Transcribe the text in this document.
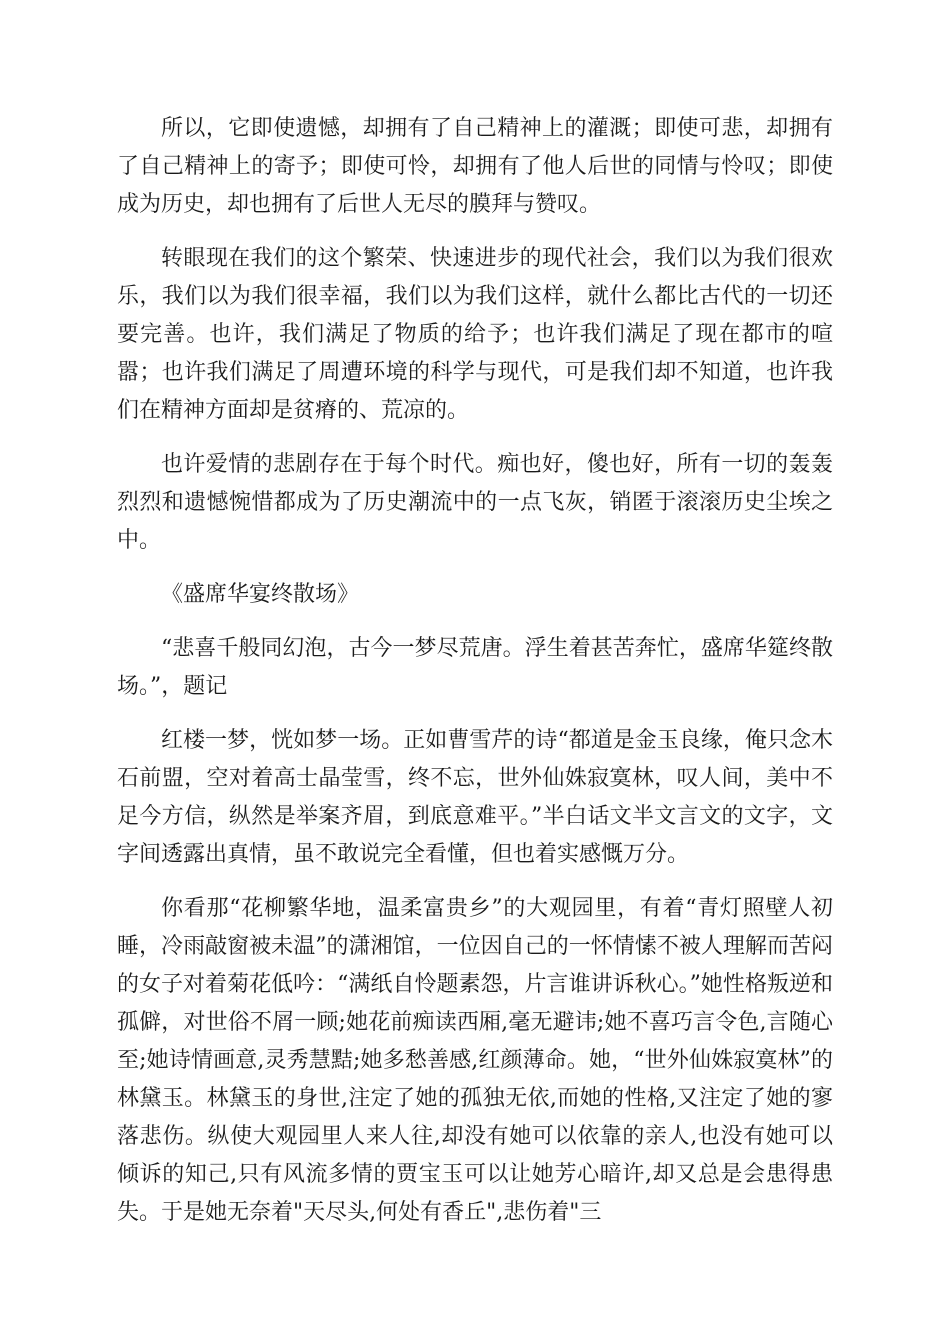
所以，它即使遗憾，却拥有了自己精神上的灌溉；即使可悲，却拥有了自己精神上的寄予；即使可怜，却拥有了他人后世的同情与怜叹；即使成为历史，却也拥有了后世人无尽的膜拜与赞叹。

转眼现在我们的这个繁荣、快速进步的现代社会，我们以为我们很欢乐，我们以为我们很幸福，我们以为我们这样，就什么都比古代的一切还要完善。也许，我们满足了物质的给予；也许我们满足了现在都市的喧嚣；也许我们满足了周遭环境的科学与现代，可是我们却不知道，也许我们在精神方面却是贫瘠的、荒凉的。

也许爱情的悲剧存在于每个时代。痴也好，傻也好，所有一切的轰轰烈烈和遗憾惋惜都成为了历史潮流中的一点飞灰，销匿于滚滚历史尘埃之中。

《盛席华宴终散场》

“悲喜千般同幻泡，古今一梦尽荒唐。浮生着甚苦奔忙，盛席华筵终散场。”，题记

红楼一梦，恍如梦一场。正如曹雪芹的诗“都道是金玉良缘，俺只念木石前盟，空对着高士晶莹雪，终不忘，世外仙姝寂寞林，叹人间，美中不足今方信，纵然是举案齐眉，到底意难平。”半白话文半文言文的文字，文字间透露出真情，虽不敢说完全看懂，但也着实感慨万分。

你看那“花柳繁华地，温柔富贵乡”的大观园里，有着“青灯照壁人初睡，冷雨敲窗被未温”的潇湘馆，一位因自己的一怀情愫不被人理解而苦闷的女子对着菊花低吟：“满纸自怜题素怨，片言谁讲诉秋心。”她性格叛逆和孤僻，对世俗不屑一顾;她花前痴读西厢,毫无避讳;她不喜巧言令色,言随心至;她诗情画意,灵秀慧黠;她多愁善感,红颜薄命。她，“世外仙姝寂寞林”的林黛玉。林黛玉的身世,注定了她的孤独无依,而她的性格,又注定了她的寥落悲伤。纵使大观园里人来人往,却没有她可以依靠的亲人,也没有她可以倾诉的知己,只有风流多情的贾宝玉可以让她芳心暗许,却又总是会患得患失。于是她无奈着"天尽头,何处有香丘",悲伤着"三
